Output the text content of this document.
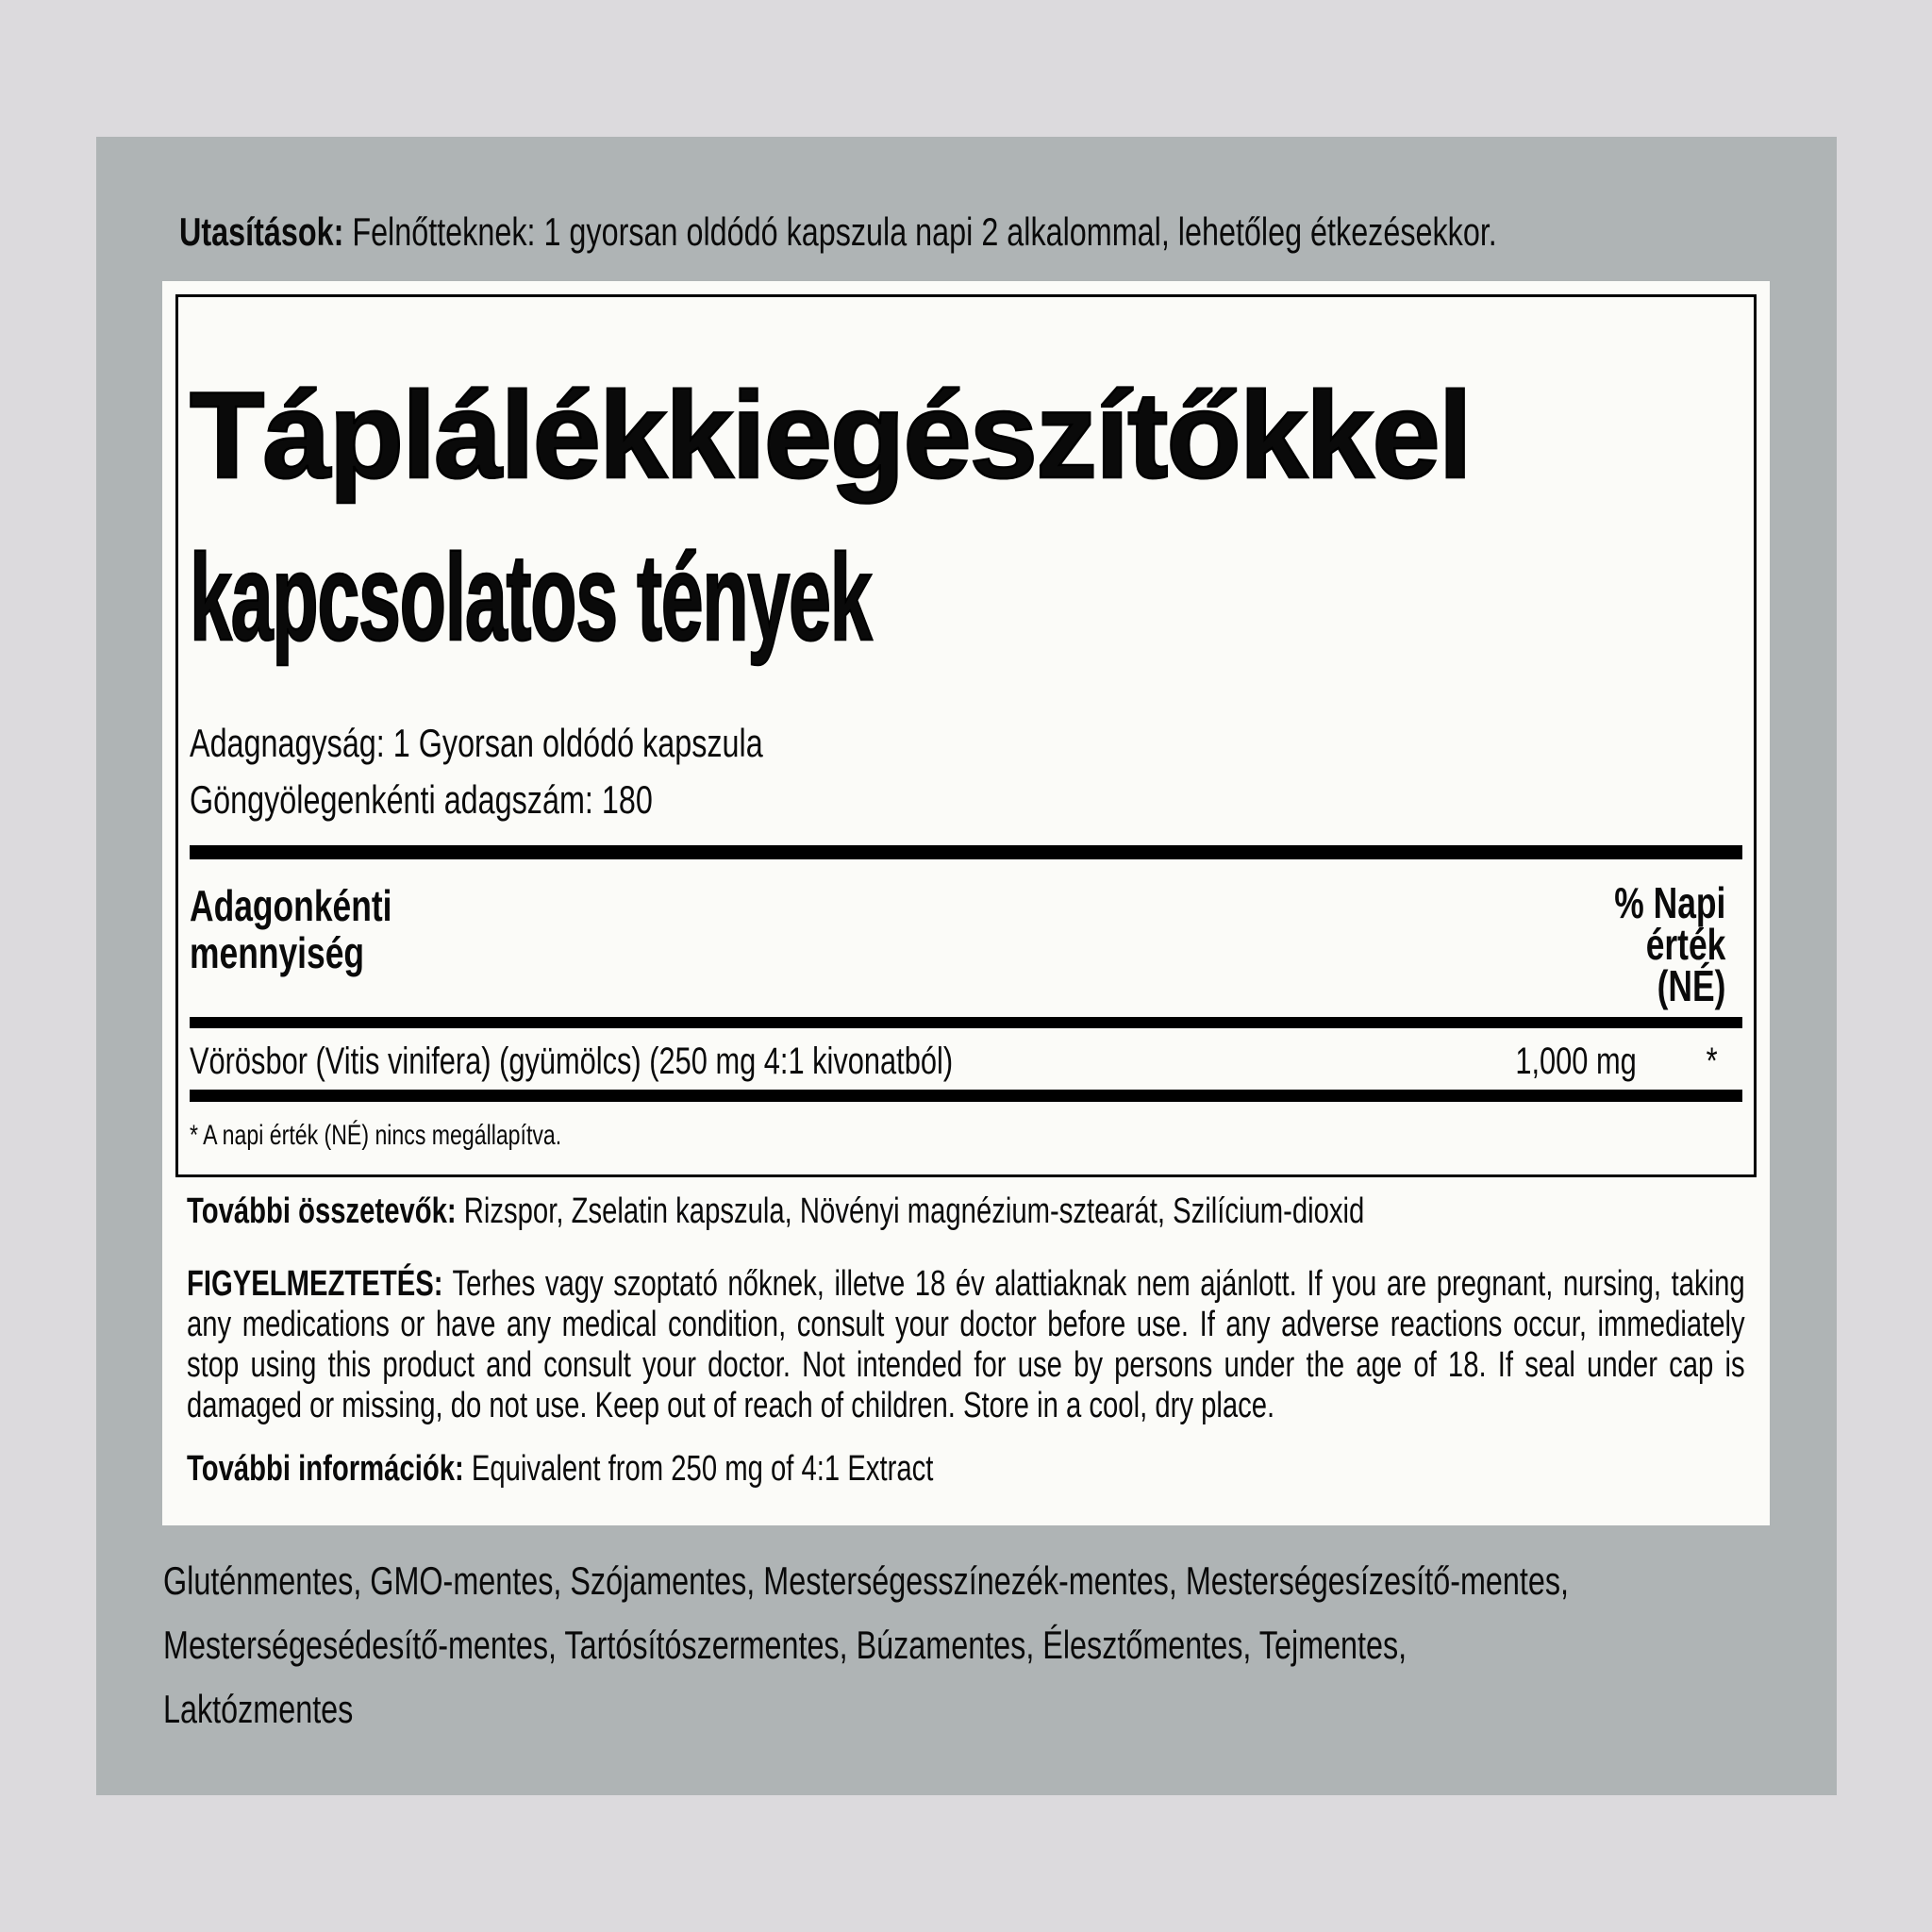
Utasítások: Felnőtteknek: 1 gyorsan oldódó kapszula napi 2 alkalommal, lehetőleg étkezésekkor.
Táplálékkiegészítőkkel
kapcsolatos tények
Adagnagyság: 1 Gyorsan oldódó kapszula
Göngyölegenkénti adagszám: 180
Adagonkénti
mennyiség
% Napi
érték
(NÉ)
Vörösbor (Vitis vinifera) (gyümölcs) (250 mg 4:1 kivonatból)	1,000 mg	*
* A napi érték (NÉ) nincs megállapítva.
További összetevők: Rizspor, Zselatin kapszula, Növényi magnézium-sztearát, Szilícium-dioxid
FIGYELMEZTETÉS: Terhes vagy szoptató nőknek, illetve 18 év alattiaknak nem ajánlott. If you are pregnant, nursing, taking any medications or have any medical condition, consult your doctor before use. If any adverse reactions occur, immediately stop using this product and consult your doctor. Not intended for use by persons under the age of 18. If seal under cap is damaged or missing, do not use. Keep out of reach of children. Store in a cool, dry place.
További információk: Equivalent from 250 mg of 4:1 Extract
Gluténmentes, GMO-mentes, Szójamentes, Mesterségesszínezék-mentes, Mesterségesízesítő-mentes, Mesterségesédesítő-mentes, Tartósítószermentes, Búzamentes, Élesztőmentes, Tejmentes, Laktózmentes
